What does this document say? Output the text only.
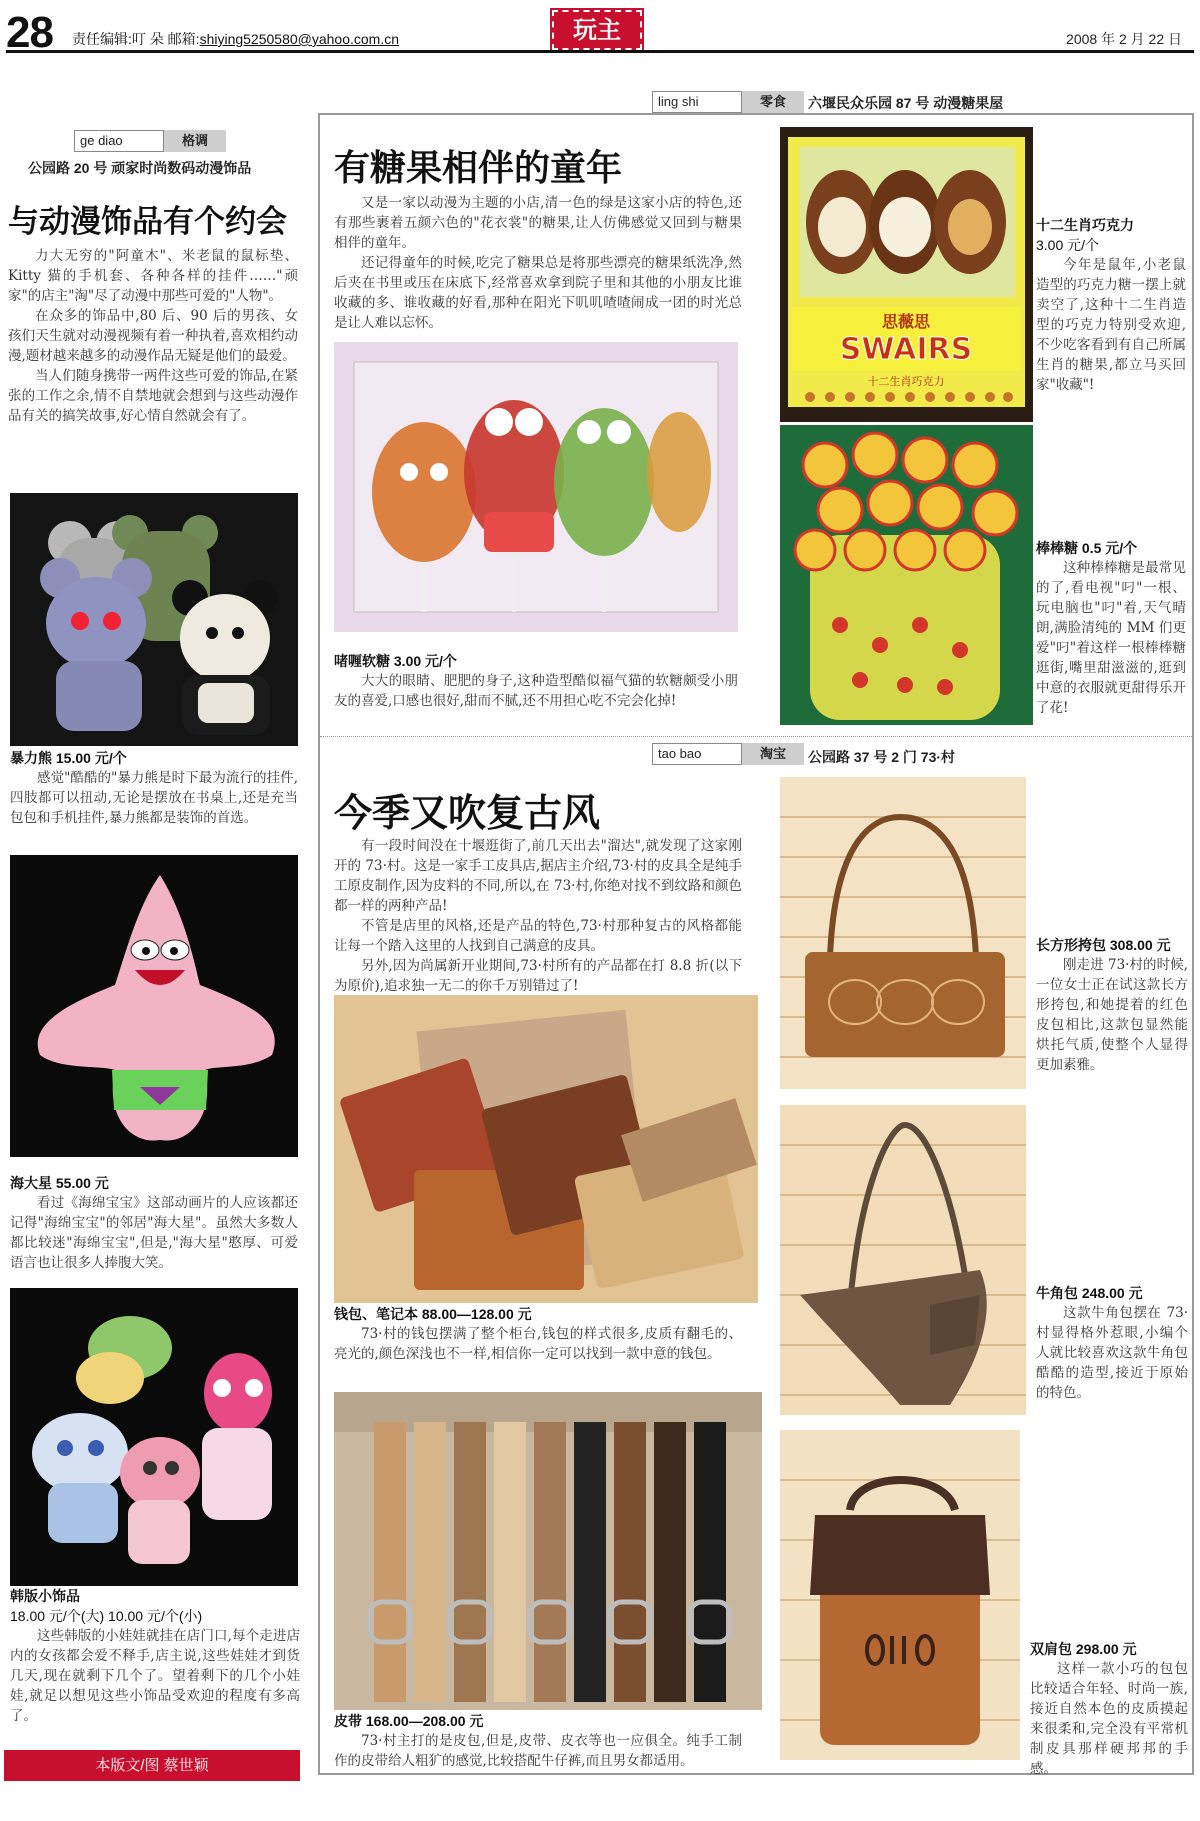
28 责任编辑:叮 朵 邮箱:shiying5250580@yahoo.com.cn	玩主	2008 年 2 月 22 日
ge diao	格调
公园路 20 号 顽家时尚数码动漫饰品
与动漫饰品有个约会

力大无穷的"阿童木"、米老鼠的鼠标垫、Kitty 猫的手机套、各种各样的挂件……"顽家"的店主"淘"尽了动漫中那些可爱的"人物"。

在众多的饰品中,80 后、90 后的男孩、女孩们天生就对动漫视频有着一种执着,喜欢相约动漫,题材越来越多的动漫作品无疑是他们的最爱。

当人们随身携带一两件这些可爱的饰品,在紧张的工作之余,情不自禁地就会想到与这些动漫作品有关的搞笑故事,好心情自然就会有了。

暴力熊 15.00 元/个

感觉"酷酷的"暴力熊是时下最为流行的挂件,四肢都可以扭动,无论是摆放在书桌上,还是充当包包和手机挂件,暴力熊都是装饰的首选。

海大星 55.00 元

看过《海绵宝宝》这部动画片的人应该都还记得"海绵宝宝"的邻居"海大星"。虽然大多数人都比较迷"海绵宝宝",但是,"海大星"憨厚、可爱语言也让很多人捧腹大笑。

韩版小饰品
18.00 元/个(大) 10.00 元/个(小)

这些韩版的小娃娃就挂在店门口,每个走进店内的女孩都会爱不释手,店主说,这些娃娃才到货几天,现在就剩下几个了。望着剩下的几个小娃娃,就足以想见这些小饰品受欢迎的程度有多高了。

本版文/图 蔡世颖
ling shi	零食	六堰民众乐园 87 号 动漫糖果屋
有糖果相伴的童年

又是一家以动漫为主题的小店,清一色的绿是这家小店的特色,还有那些裹着五颜六色的"花衣裳"的糖果,让人仿佛感觉又回到与糖果相伴的童年。

还记得童年的时候,吃完了糖果总是将那些漂亮的糖果纸洗净,然后夹在书里或压在床底下,经常喜欢拿到院子里和其他的小朋友比谁收藏的多、谁收藏的好看,那种在阳光下叽叽喳喳闹成一团的时光总是让人难以忘怀。

啫喱软糖 3.00 元/个

大大的眼睛、肥肥的身子,这种造型酷似福气猫的软糖颇受小朋友的喜爱,口感也很好,甜而不腻,还不用担心吃不完会化掉!

思薇思
SWAIRS
十二生肖巧克力
十二生肖巧克力
3.00 元/个

今年是鼠年,小老鼠造型的巧克力糖一摆上就卖空了,这种十二生肖造型的巧克力特别受欢迎,不少吃客看到有自己所属生肖的糖果,都立马买回家"收藏"!

棒棒糖 0.5 元/个

这种棒棒糖是最常见的了,看电视"叼"一根、玩电脑也"叼"着,天气晴朗,满脸清纯的 MM 们更爱"叼"着这样一根棒棒糖逛街,嘴里甜滋滋的,逛到中意的衣服就更甜得乐开了花!

tao bao	淘宝	公园路 37 号 2 门 73·村
今季又吹复古风

有一段时间没在十堰逛街了,前几天出去"溜达",就发现了这家刚开的 73·村。这是一家手工皮具店,据店主介绍,73·村的皮具全是纯手工原皮制作,因为皮料的不同,所以,在 73·村,你绝对找不到纹路和颜色都一样的两种产品!

不管是店里的风格,还是产品的特色,73·村那种复古的风格都能让每一个踏入这里的人找到自己满意的皮具。

另外,因为尚属新开业期间,73·村所有的产品都在打 8.8 折(以下为原价),追求独一无二的你千万别错过了!

钱包、笔记本 88.00—128.00 元

73·村的钱包摆满了整个柜台,钱包的样式很多,皮质有翻毛的、亮光的,颜色深浅也不一样,相信你一定可以找到一款中意的钱包。

皮带 168.00—208.00 元

73·村主打的是皮包,但是,皮带、皮衣等也一应俱全。纯手工制作的皮带给人粗犷的感觉,比较搭配牛仔裤,而且男女都适用。

长方形挎包 308.00 元

刚走进 73·村的时候,一位女士正在试这款长方形挎包,和她提着的红色皮包相比,这款包显然能烘托气质,使整个人显得更加素雅。

牛角包 248.00 元

这款牛角包摆在 73·村显得格外惹眼,小编个人就比较喜欢这款牛角包酷酷的造型,接近于原始的特色。

双肩包 298.00 元

这样一款小巧的包包比较适合年轻、时尚一族,接近自然本色的皮质摸起来很柔和,完全没有平常机制皮具那样硬邦邦的手感。
